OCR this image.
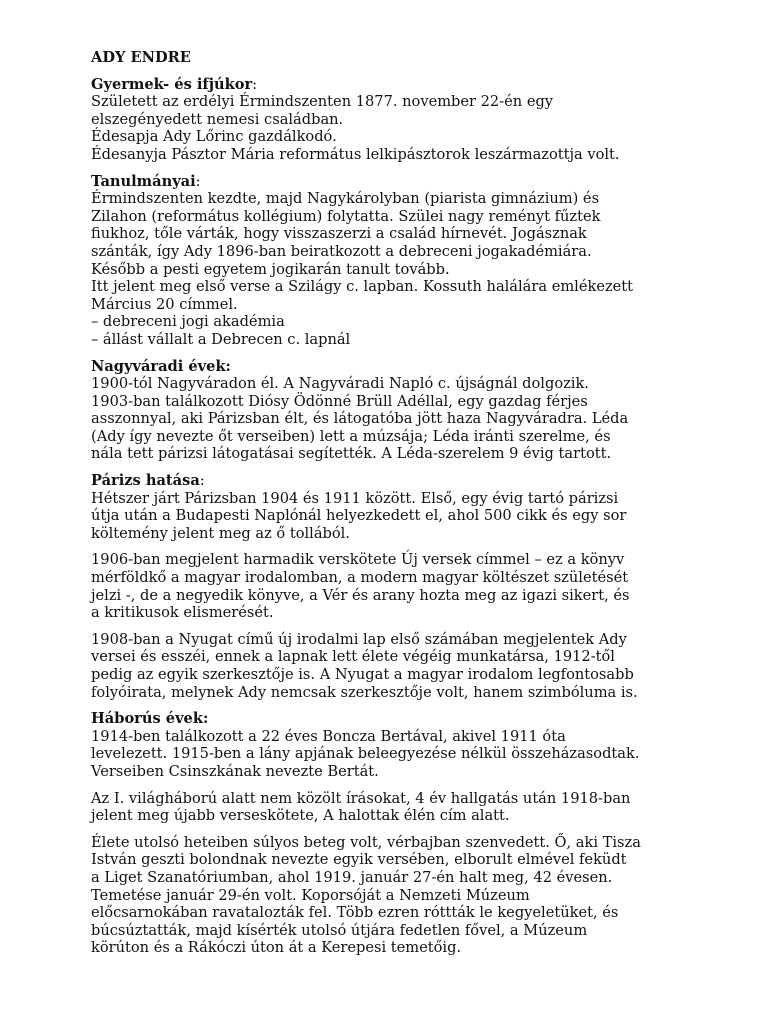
ADY ENDRE
Gyermek- és ifjúkor:
Született az erdélyi Érmindszenten 1877. november 22-én egy
elszegényedett nemesi családban.
Édesapja Ady Lőrinc gazdálkodó.
Édesanyja Pásztor Mária református lelkipásztorok leszármazottja volt.
Tanulmányai:
Érmindszenten kezdte, majd Nagykárolyban (piarista gimnázium) és
Zilahon (református kollégium) folytatta. Szülei nagy reményt fűztek
fiukhoz, tőle várták, hogy visszaszerzi a család hírnevét. Jogásznak
szánták, így Ady 1896-ban beiratkozott a debreceni jogakadémiára.
Később a pesti egyetem jogikarán tanult tovább.
Itt jelent meg első verse a Szilágy c. lapban. Kossuth halálára emlékezett
Március 20 címmel.
– debreceni jogi akadémia
– állást vállalt a Debrecen c. lapnál
Nagyváradi évek:
1900-tól Nagyváradon él. A Nagyváradi Napló c. újságnál dolgozik.
1903-ban találkozott Diósy Ödönné Brüll Adéllal, egy gazdag férjes
asszonnyal, aki Párizsban élt, és látogatóba jött haza Nagyváradra. Léda
(Ady így nevezte őt verseiben) lett a múzsája; Léda iránti szerelme, és
nála tett párizsi látogatásai segítették. A Léda-szerelem 9 évig tartott.
Párizs hatása:
Hétszer járt Párizsban 1904 és 1911 között. Első, egy évig tartó párizsi
útja után a Budapesti Naplónál helyezkedett el, ahol 500 cikk és egy sor
költemény jelent meg az ő tollából.
1906-ban megjelent harmadik verskötete Új versek címmel – ez a könyv
mérföldkő a magyar irodalomban, a modern magyar költészet születését
jelzi -, de a negyedik könyve, a Vér és arany hozta meg az igazi sikert, és
a kritikusok elismerését.
1908-ban a Nyugat című új irodalmi lap első számában megjelentek Ady
versei és esszéi, ennek a lapnak lett élete végéig munkatársa, 1912-től
pedig az egyik szerkesztője is. A Nyugat a magyar irodalom legfontosabb
folyóirata, melynek Ady nemcsak szerkesztője volt, hanem szimbóluma is.
Háborús évek:
1914-ben találkozott a 22 éves Boncza Bertával, akivel 1911 óta
levelezett. 1915-ben a lány apjának beleegyezése nélkül összeházasodtak.
Verseiben Csinszkának nevezte Bertát.
Az I. világháború alatt nem közölt írásokat, 4 év hallgatás után 1918-ban
jelent meg újabb verseskötete, A halottak élén cím alatt.
Élete utolsó heteiben súlyos beteg volt, vérbajban szenvedett. Ő, aki Tisza
István geszti bolondnak nevezte egyik versében, elborult elmével feküdt
a Liget Szanatóriumban, ahol 1919. január 27-én halt meg, 42 évesen.
Temetése január 29-én volt. Koporsóját a Nemzeti Múzeum
előcsarnokában ravatalozták fel. Több ezren róttták le kegyeletüket, és
búcsúztatták, majd kísérték utolsó útjára fedetlen fővel, a Múzeum
körúton és a Rákóczi úton át a Kerepesi temetőig.
